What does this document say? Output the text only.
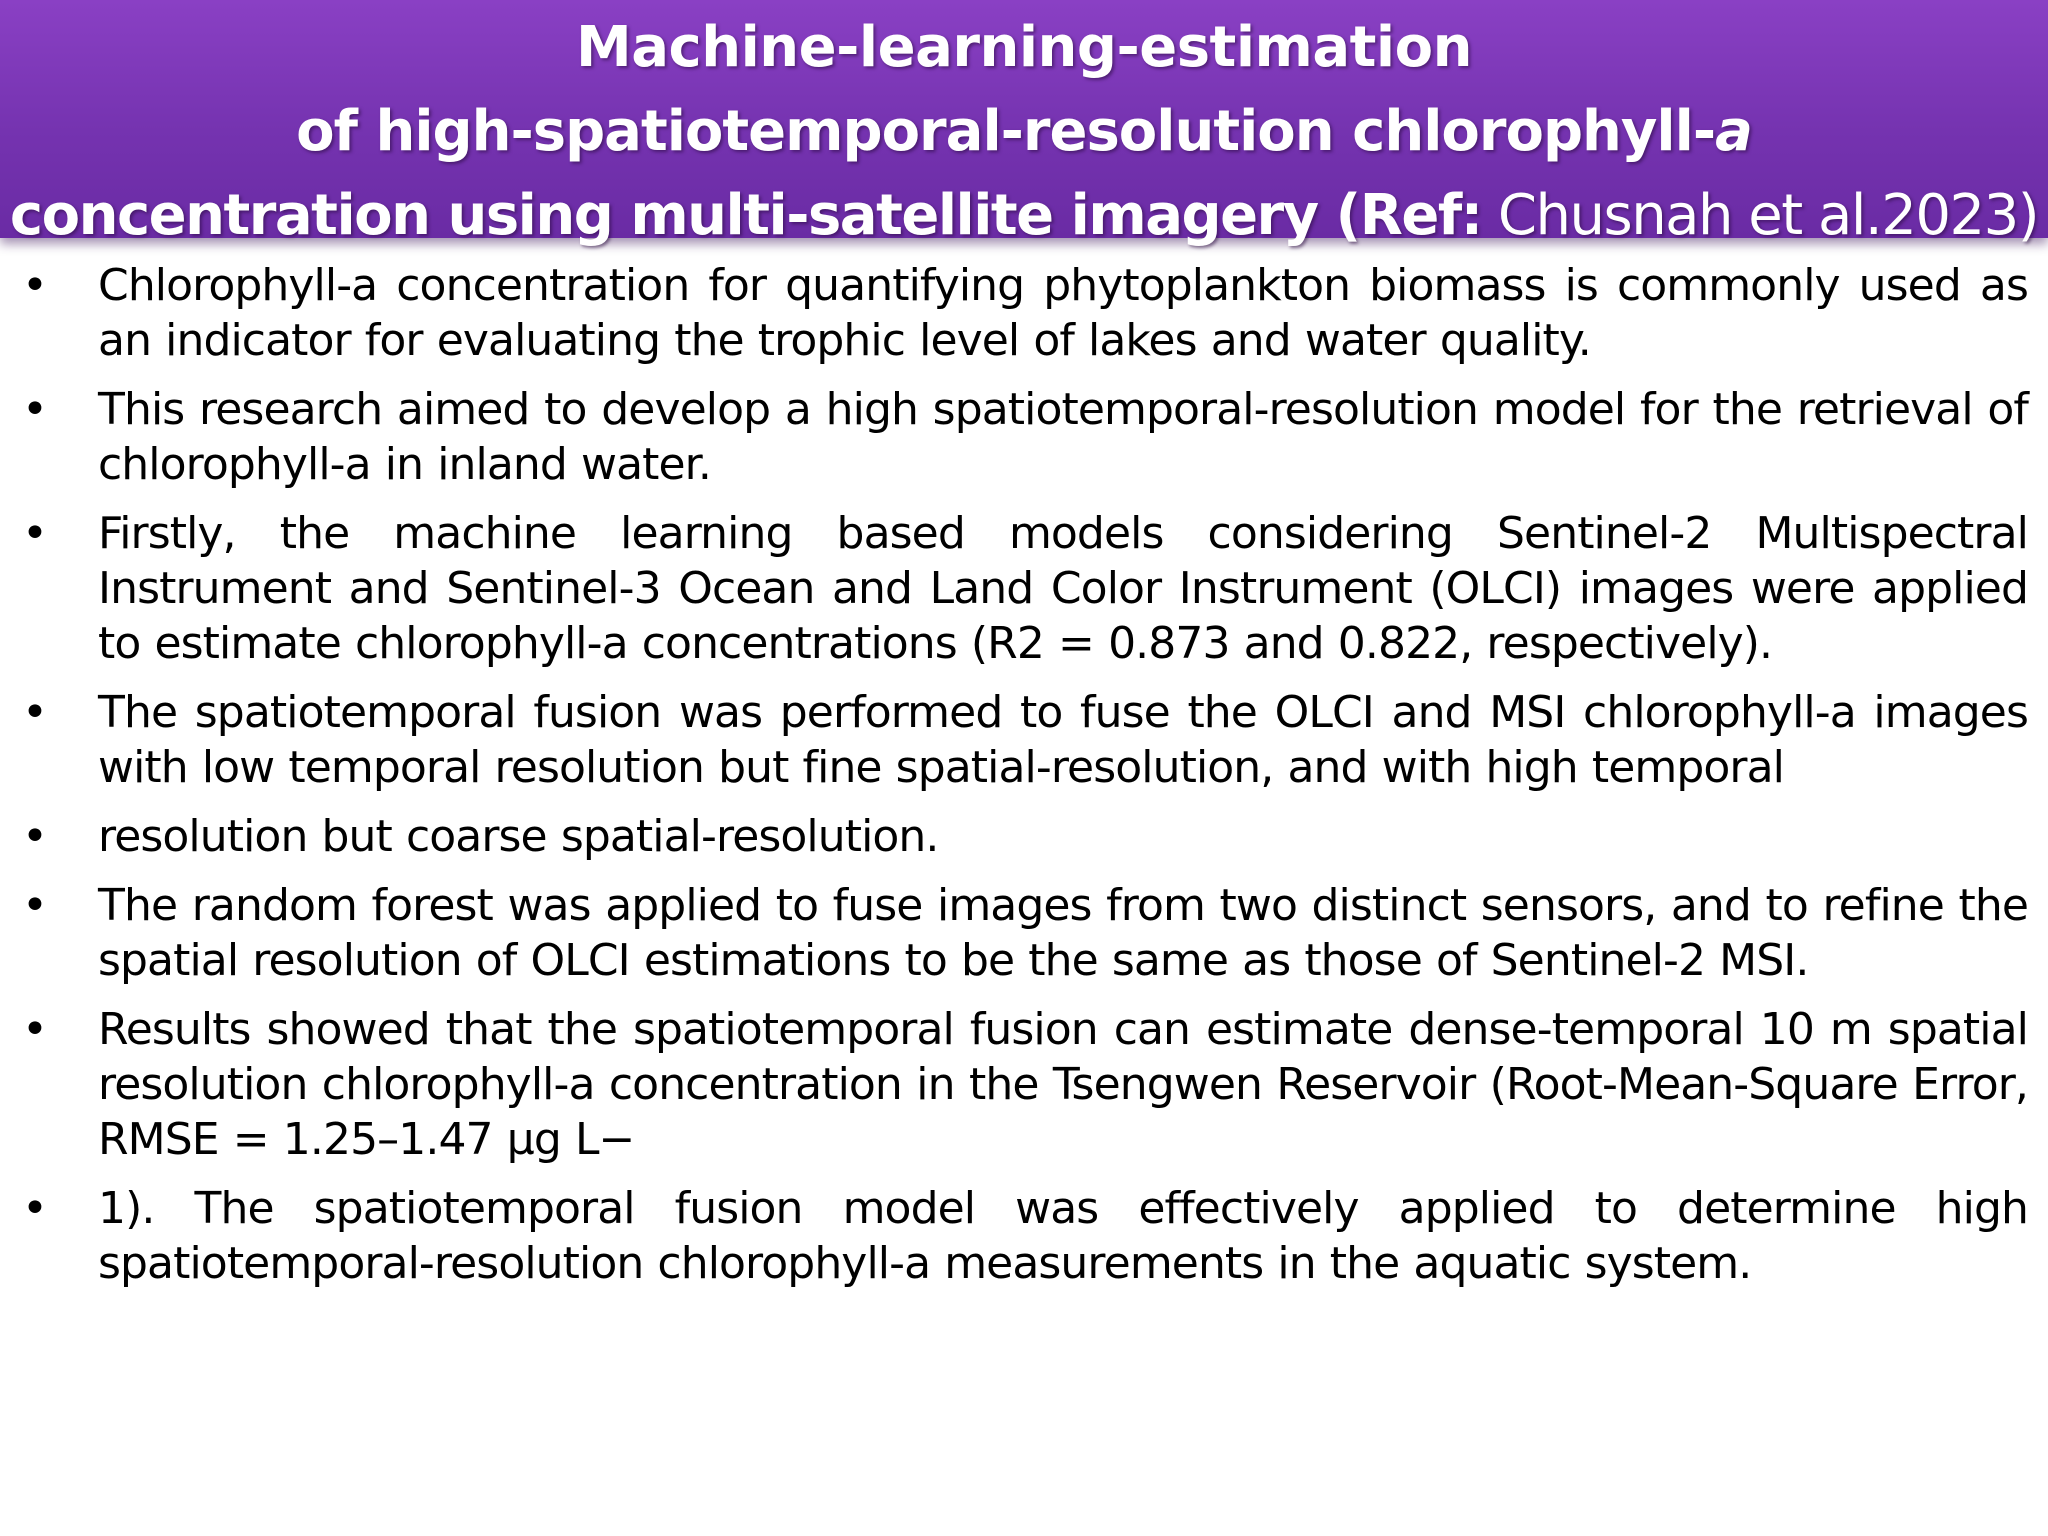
Machine-learning-estimation
of high-spatiotemporal-resolution chlorophyll-a
concentration using multi-satellite imagery (Ref: Chusnah et al.2023)
•	Chlorophyll-a concentration for quantifying phytoplankton biomass is commonly used as an indicator for evaluating the trophic level of lakes and water quality.
•	This research aimed to develop a high spatiotemporal-resolution model for the retrieval of chlorophyll-a in inland water.
•	Firstly, the machine learning based models considering Sentinel-2 Multispectral Instrument and Sentinel-3 Ocean and Land Color Instrument (OLCI) images were applied to estimate chlorophyll-a concentrations (R2 = 0.873 and 0.822, respectively).
•	The spatiotemporal fusion was performed to fuse the OLCI and MSI chlorophyll-a images with low temporal resolution but fine spatial-resolution, and with high temporal
•	resolution but coarse spatial-resolution.
•	The random forest was applied to fuse images from two distinct sensors, and to refine the spatial resolution of OLCI estimations to be the same as those of Sentinel-2 MSI.
•	Results showed that the spatiotemporal fusion can estimate dense-temporal 10 m spatial resolution chlorophyll-a concentration in the Tsengwen Reservoir (Root-Mean-Square Error, RMSE = 1.25–1.47 µg L−
•	1). The spatiotemporal fusion model was effectively applied to determine high spatiotemporal-resolution chlorophyll-a measurements in the aquatic system.
